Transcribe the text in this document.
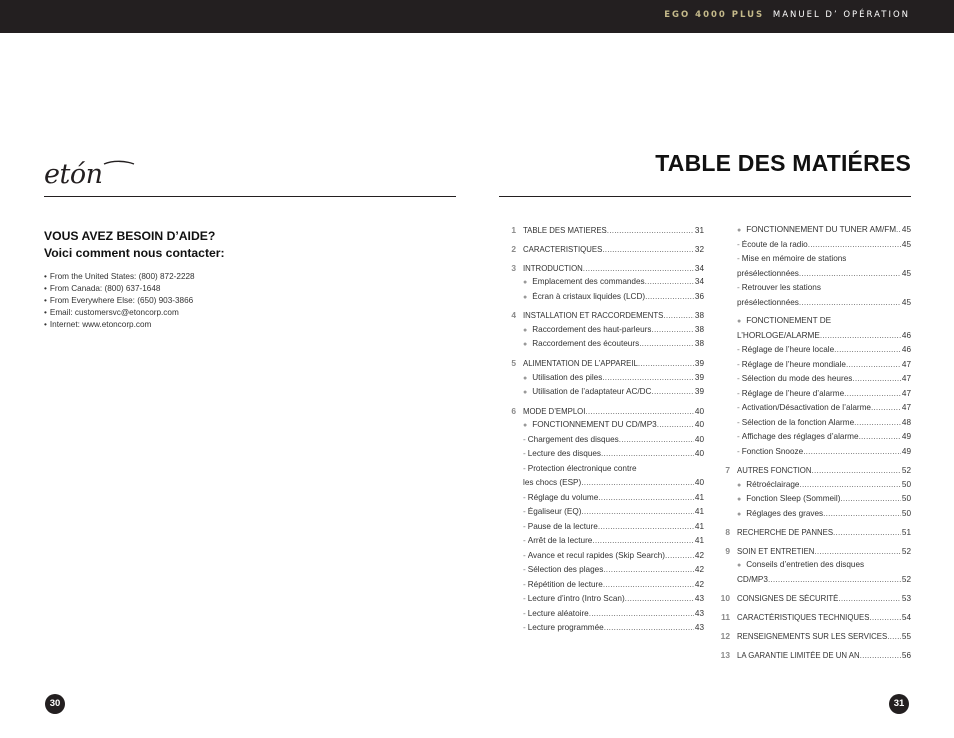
EGO 4000 PLUS MANUEL D’ OPÉRATION
etón	TABLE DES MATIÉRES
VOUS AVEZ BESOIN D’AIDE?
Voici comment nous contacter:
• From the United States: (800) 872-2228
• From Canada: (800) 637-1648
• From Everywhere Else: (650) 903-3866
• Email: customersvc@etoncorp.com
• Internet: www.etoncorp.com
1 TABLE DES MATIERES .....	31
2 CARACTERISTIQUES .....	32
3 INTRODUCTION .....	34
● Emplacement des commandes .....	34
● Écran à cristaux liquides (LCD) .....	36
4 INSTALLATION ET RACCORDEMENTS .....	38
● Raccordement des haut-parleurs .....	38
● Raccordement des écouteurs .....	38
5 ALIMENTATION DE L’APPAREIL .....	39
● Utilisation des piles .....	39
● Utilisation de l’adaptateur AC/DC .....	39
6 MODE D’EMPLOI .....	40
● FONCTIONNEMENT DU CD/MP3 .....	40
- Chargement des disques .....	40
- Lecture des disques .....	40
- Protection électronique contre
les chocs (ESP) .....	40
- Réglage du volume .....	41
- Égaliseur (EQ) .....	41
- Pause de la lecture .....	41
- Arrêt de la lecture .....	41
- Avance et recul rapides (Skip Search) .....	42
- Sélection des plages .....	42
- Répétition de lecture .....	42
- Lecture d’intro (Intro Scan) .....	43
- Lecture aléatoire .....	43
- Lecture programmée .....	43
● FONCTIONNEMENT DU TUNER AM/FM ..... 45
- Écoute de la radio .....	45
- Mise en mémoire de stations
présélectionnées .....	45
- Retrouver les stations
présélectionnées .....	45
● FONCTIONEMENT DE
L’HORLOGE/ALARME .....	46
- Réglage de l’heure locale .....	46
- Réglage de l’heure mondiale .....	47
- Sélection du mode des heures .....	47
- Réglage de l’heure d’alarme .....	47
- Activation/Désactivation de l’alarme .....	47
- Sélection de la fonction Alarme .....	48
- Affichage des réglages d’alarme .....	49
- Fonction Snooze .....	49
7 AUTRES FONCTION .....	52
● Rétroéclairage .....	50
● Fonction Sleep (Sommeil) .....	50
● Réglages des graves .....	50
8 RECHERCHE DE PANNES .....	51
9 SOIN ET ENTRETIEN .....	52
● Conseils d’entretien des disques
CD/MP3 .....	52
10 CONSIGNES DE SÉCURITÉ .....	53
11 CARACTÉRISTIQUES TECHNIQUES .....	54
12 RENSEIGNEMENTS SUR LES SERVICES ..... 55
13 LA GARANTIE LIMITÉE DE UN AN .....	56
30	31
